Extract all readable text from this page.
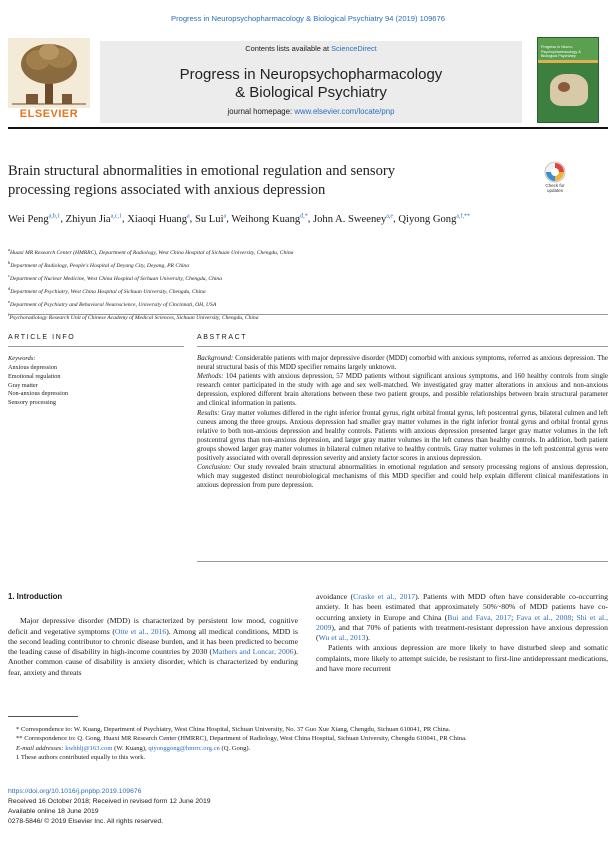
Progress in Neuropsychopharmacology & Biological Psychiatry 94 (2019) 109676
ELSEVIER
Contents lists available at ScienceDirect
Progress in Neuropsychopharmacology
& Biological Psychiatry
journal homepage: www.elsevier.com/locate/pnp
Progress in Neuro-Psychopharmacology & Biological Psychiatry
Brain structural abnormalities in emotional regulation and sensory
processing regions associated with anxious depression	Check for updates
Wei Peng$^{a,b,1}$, Zhiyun Jia$^{a,c,1}$, Xiaoqi Huang$^a$, Su Lui$^a$, Weihong Kuang$^{d,*}$, John A. Sweeney$^{a,e}$, Qiyong Gong$^{a,f,**}$
$^a$Huaxi MR Research Center (HMRRC), Department of Radiology, West China Hospital of Sichuan University, Chengdu, China
$^b$Department of Radiology, People's Hospital of Deyang City, Deyang, PR China
$^c$Department of Nuclear Medicine, West China Hospital of Sichuan University, Chengdu, China
$^d$Department of Psychiatry, West China Hospital of Sichuan University, Chengdu, China
$^e$Department of Psychiatry and Behavioral Neuroscience, University of Cincinnati, OH, USA
Psychoradiology Research Unit of Chinese Academy of Medical Sciences, Sichuan University, Chengdu, China
ARTICLE INFO
Keywords:
Anxious depression
Emotional regulation
Gray matter
Non-anxious depression
Sensory processing
ABSTRACT

Background: Considerable patients with major depressive disorder (MDD) comorbid with anxious symptoms, referred as anxious depression. The neural structural basis of this MDD specifier remains largely unknown.

Methods: 104 patients with anxious depression, 57 MDD patients without significant anxious symptoms, and 160 healthy controls from single research center participated in the study with age and sex well-matched. We investigated gray matter alterations in anxious and non-anxious depression, explored different brain alterations between these two patient groups, and possible relationships between brain structural parameter and clinical information in patients.

Results: Gray matter volumes differed in the right inferior frontal gyrus, right orbital frontal gyrus, left postcentral gyrus, bilateral culmen and left cuneus among the three groups. Anxious depression had smaller gray matter volumes in the right inferior frontal gyrus and orbital frontal gyrus relative to both non-anxious depression and healthy controls. Patients with anxious depression presented larger gray matter volumes in the left postcentral gyrus than non-anxious depression, and larger gray matter volumes in the left cuneus than healthy controls. In addition, both patient groups showed larger gray matter volumes in bilateral culmen relative to healthy controls. Gray matter volumes in the left postcentral gyrus were positively associated with overall depression severity and anxiety factor scores in anxious depression.

Conclusion: Our study revealed brain structural abnormalities in emotional regulation and sensory processing regions of anxious depression, which may suggested distinct neurobiological mechanisms of this MDD specifier and could help explain different clinical manifestations in anxious depression from pure depression.

1. Introduction

Major depressive disorder (MDD) is characterized by persistent low mood, cognitive deficit and vegetative symptoms (Otte et al., 2016). Among all medical conditions, MDD is the second leading contributor to chronic disease burden, and it has been predicted to become the leading cause of disability in high-income countries by 2030 (Mathers and Loncar, 2006). Another common cause of disability is anxiety disorder, which is characterized by enduring fear, anxiety and threats

avoidance (Craske et al., 2017). Patients with MDD often have considerable co-occurring anxiety. It has been estimated that approximately 50%~80% of MDD patients have co-occurring anxiety in Europe and China (Bui and Fava, 2017; Fava et al., 2008; Shi et al., 2009), and that 70% of patients with treatment-resistant depression have anxious depression (Wu et al., 2013).

Patients with anxious depression are more likely to have disturbed sleep and somatic complaints, more likely to attempt suicide, be resistant to first-line antidepressant medications, and have more recurrent

* Correspondence to: W. Kuang, Department of Psychiatry, West China Hospital, Sichuan University, No. 37 Guo Xue Xiang, Chengdu, Sichuan 610041, PR China.
** Correspondence to: Q. Gong, Huaxi MR Research Center (HMRRC), Department of Radiology, West China Hospital, Sichuan University, Chengdu 610041, PR China.
E-mail addresses: kwhhlj@163.com (W. Kuang), qiyonggong@hmrrc.org.cn (Q. Gong).
1 These authors contributed equally to this work.
https://doi.org/10.1016/j.pnpbp.2019.109676
Received 16 October 2018; Received in revised form 12 June 2019
Available online 18 June 2019
0278-5846/ © 2019 Elsevier Inc. All rights reserved.
